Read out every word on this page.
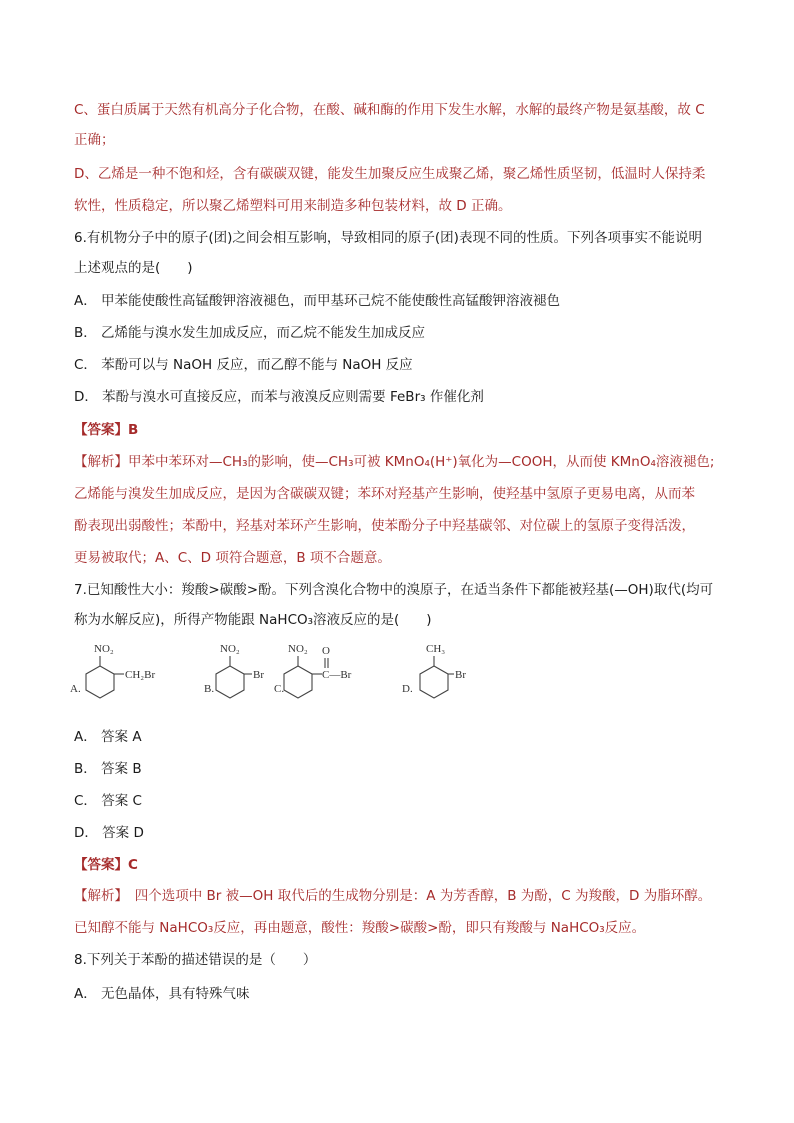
C、蛋白质属于天然有机高分子化合物，在酸、碱和酶的作用下发生水解，水解的最终产物是氨基酸，故 C
正确；
D、乙烯是一种不饱和烃，含有碳碳双键，能发生加聚反应生成聚乙烯，聚乙烯性质坚韧，低温时人保持柔
软性，性质稳定，所以聚乙烯塑料可用来制造多种包装材料，故 D 正确。
6.有机物分子中的原子(团)之间会相互影响，导致相同的原子(团)表现不同的性质。下列各项事实不能说明
上述观点的是(　　)
A． 甲苯能使酸性高锰酸钾溶液褪色，而甲基环己烷不能使酸性高锰酸钾溶液褪色
B． 乙烯能与溴水发生加成反应，而乙烷不能发生加成反应
C． 苯酚可以与 NaOH 反应，而乙醇不能与 NaOH 反应
D． 苯酚与溴水可直接反应，而苯与液溴反应则需要 FeBr₃ 作催化剂
【答案】B
【解析】甲苯中苯环对—CH₃的影响，使—CH₃可被 KMnO₄(H⁺)氧化为—COOH，从而使 KMnO₄溶液褪色;
乙烯能与溴发生加成反应，是因为含碳碳双键；苯环对羟基产生影响，使羟基中氢原子更易电离，从而苯
酚表现出弱酸性；苯酚中，羟基对苯环产生影响，使苯酚分子中羟基碳邻、对位碳上的氢原子变得活泼，
更易被取代；A、C、D 项符合题意，B 项不合题意。
7.已知酸性大小：羧酸>碳酸>酚。下列含溴化合物中的溴原子，在适当条件下都能被羟基(—OH)取代(均可
称为水解反应)，所得产物能跟 NaHCO₃溶液反应的是(　　)
A.
NO₂
CH₂Br
B.
NO₂
Br
C.
NO₂ O
C—Br
D.
CH₃
Br
A． 答案 A
B． 答案 B
C． 答案 C
D． 答案 D
【答案】C
【解析】　四个选项中 Br 被—OH 取代后的生成物分别是：A 为芳香醇，B 为酚，C 为羧酸，D 为脂环醇。
已知醇不能与 NaHCO₃反应，再由题意，酸性：羧酸>碳酸>酚，即只有羧酸与 NaHCO₃反应。
8.下列关于苯酚的描述错误的是（　　）
A． 无色晶体，具有特殊气味
